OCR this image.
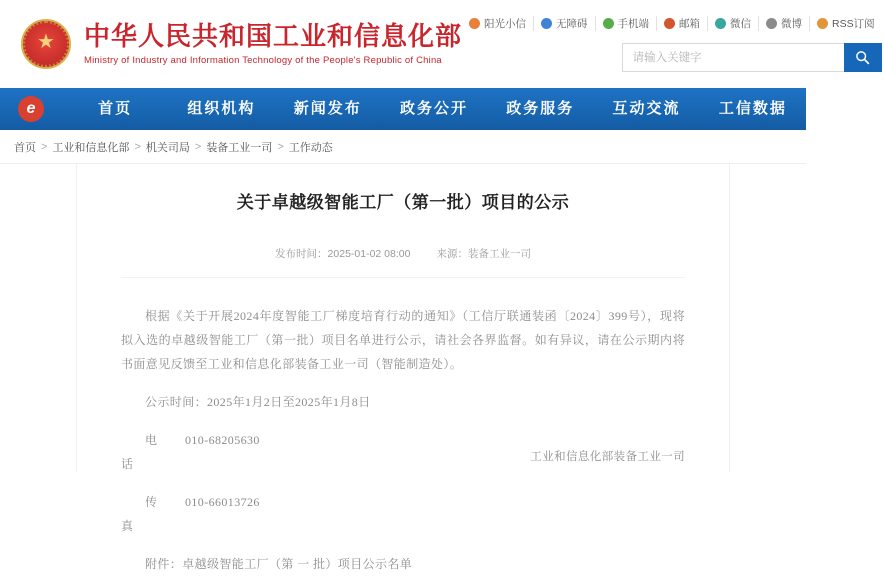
★ 中华人民共和国工业和信息化部
Ministry of Industry and Information Technology of the People's Republic of China
阳光小信	无障碍	手机端	邮箱	微信	微博	RSS订阅
请输入关键字
e	首页	组织机构	新闻发布	政务公开	政务服务	互动交流	工信数据
首页 > 工业和信息化部 > 机关司局 > 装备工业一司 > 工作动态
关于卓越级智能工厂（第一批）项目的公示
发布时间：2025-01-02 08:00 来源：装备工业一司

根据《关于开展2024年度智能工厂梯度培育行动的通知》（工信厅联通装函〔2024〕399号），现将拟入选的卓越级智能工厂（第一批）项目名单进行公示，请社会各界监督。如有异议，请在公示期内将书面意见反馈至工业和信息化部装备工业一司（智能制造处）。

公示时间：2025年1月2日至2025年1月8日

电话
010-68205630

传真
010-66013726

附件：卓越级智能工厂（第 一 批）项目公示名单

工业和信息化部装备工业一司
